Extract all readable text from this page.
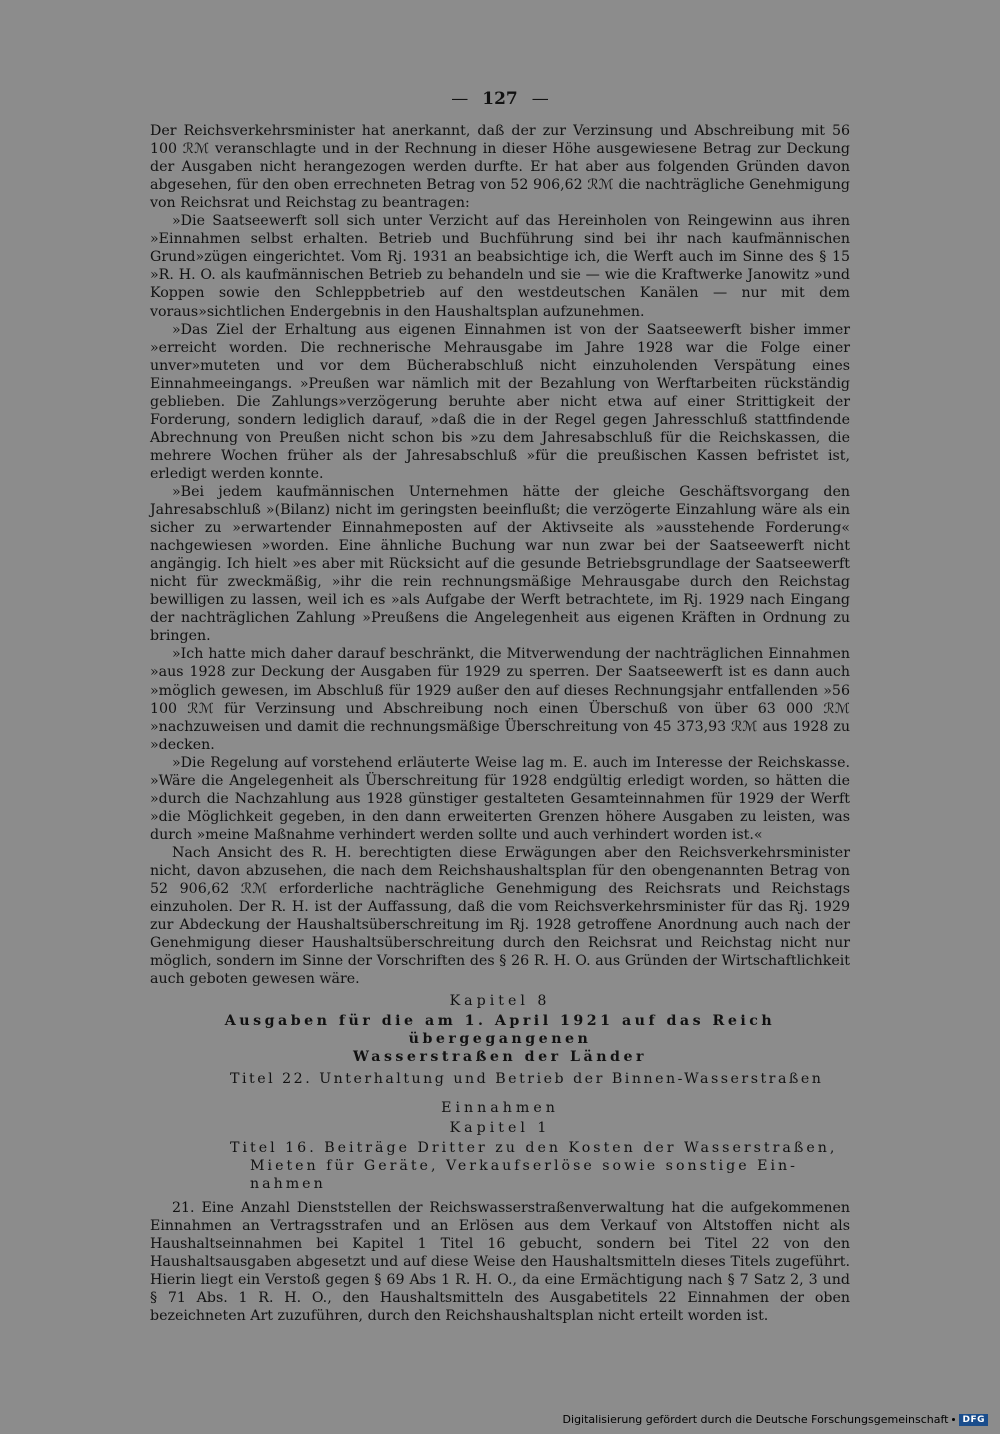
— 127 —

Der Reichsverkehrsminister hat anerkannt, daß der zur Verzinsung und Abschreibung mit 56 100 ℛℳ veranschlagte und in der Rechnung in dieser Höhe ausgewiesene Betrag zur Deckung der Ausgaben nicht herangezogen werden durfte. Er hat aber aus folgenden Gründen davon abgesehen, für den oben errechneten Betrag von 52 906,62 ℛℳ die nachträgliche Genehmigung von Reichsrat und Reichstag zu beantragen:

»Die Saatseewerft soll sich unter Verzicht auf das Hereinholen von Reingewinn aus ihren »Einnahmen selbst erhalten. Betrieb und Buchführung sind bei ihr nach kaufmännischen Grund»zügen eingerichtet. Vom Rj. 1931 an beabsichtige ich, die Werft auch im Sinne des § 15 »R. H. O. als kaufmännischen Betrieb zu behandeln und sie — wie die Kraftwerke Janowitz »und Koppen sowie den Schleppbetrieb auf den westdeutschen Kanälen — nur mit dem voraus»sichtlichen Endergebnis in den Haushaltsplan aufzunehmen.

»Das Ziel der Erhaltung aus eigenen Einnahmen ist von der Saatseewerft bisher immer »erreicht worden. Die rechnerische Mehrausgabe im Jahre 1928 war die Folge einer unver»muteten und vor dem Bücherabschluß nicht einzuholenden Verspätung eines Einnahmeeingangs. »Preußen war nämlich mit der Bezahlung von Werftarbeiten rückständig geblieben. Die Zahlungs»verzögerung beruhte aber nicht etwa auf einer Strittigkeit der Forderung, sondern lediglich darauf, »daß die in der Regel gegen Jahresschluß stattfindende Abrechnung von Preußen nicht schon bis »zu dem Jahresabschluß für die Reichskassen, die mehrere Wochen früher als der Jahresabschluß »für die preußischen Kassen befristet ist, erledigt werden konnte.

»Bei jedem kaufmännischen Unternehmen hätte der gleiche Geschäftsvorgang den Jahresabschluß »(Bilanz) nicht im geringsten beeinflußt; die verzögerte Einzahlung wäre als ein sicher zu »erwartender Einnahmeposten auf der Aktivseite als »ausstehende Forderung« nachgewiesen »worden. Eine ähnliche Buchung war nun zwar bei der Saatseewerft nicht angängig. Ich hielt »es aber mit Rücksicht auf die gesunde Betriebsgrundlage der Saatseewerft nicht für zweckmäßig, »ihr die rein rechnungsmäßige Mehrausgabe durch den Reichstag bewilligen zu lassen, weil ich es »als Aufgabe der Werft betrachtete, im Rj. 1929 nach Eingang der nachträglichen Zahlung »Preußens die Angelegenheit aus eigenen Kräften in Ordnung zu bringen.

»Ich hatte mich daher darauf beschränkt, die Mitverwendung der nachträglichen Einnahmen »aus 1928 zur Deckung der Ausgaben für 1929 zu sperren. Der Saatseewerft ist es dann auch »möglich gewesen, im Abschluß für 1929 außer den auf dieses Rechnungsjahr entfallenden »56 100 ℛℳ für Verzinsung und Abschreibung noch einen Überschuß von über 63 000 ℛℳ »nachzuweisen und damit die rechnungsmäßige Überschreitung von 45 373,93 ℛℳ aus 1928 zu »decken.

»Die Regelung auf vorstehend erläuterte Weise lag m. E. auch im Interesse der Reichskasse. »Wäre die Angelegenheit als Überschreitung für 1928 endgültig erledigt worden, so hätten die »durch die Nachzahlung aus 1928 günstiger gestalteten Gesamteinnahmen für 1929 der Werft »die Möglichkeit gegeben, in den dann erweiterten Grenzen höhere Ausgaben zu leisten, was durch »meine Maßnahme verhindert werden sollte und auch verhindert worden ist.«

Nach Ansicht des R. H. berechtigten diese Erwägungen aber den Reichsverkehrsminister nicht, davon abzusehen, die nach dem Reichshaushaltsplan für den obengenannten Betrag von 52 906,62 ℛℳ erforderliche nachträgliche Genehmigung des Reichsrats und Reichstags einzuholen. Der R. H. ist der Auffassung, daß die vom Reichsverkehrsminister für das Rj. 1929 zur Abdeckung der Haushaltsüberschreitung im Rj. 1928 getroffene Anordnung auch nach der Genehmigung dieser Haushaltsüberschreitung durch den Reichsrat und Reichstag nicht nur möglich, sondern im Sinne der Vorschriften des § 26 R. H. O. aus Gründen der Wirtschaftlichkeit auch geboten gewesen wäre.

Kapitel 8
Ausgaben für die am 1. April 1921 auf das Reich übergegangenen
Wasserstraßen der Länder
Titel 22. Unterhaltung und Betrieb der Binnen-Wasserstraßen
Einnahmen
Kapitel 1
Titel 16. Beiträge Dritter zu den Kosten der Wasserstraßen,
Mieten für Geräte, Verkaufserlöse sowie sonstige Ein-
nahmen

21. Eine Anzahl Dienststellen der Reichswasserstraßenverwaltung hat die aufgekommenen Einnahmen an Vertragsstrafen und an Erlösen aus dem Verkauf von Altstoffen nicht als Haushaltseinnahmen bei Kapitel 1 Titel 16 gebucht, sondern bei Titel 22 von den Haushaltsausgaben abgesetzt und auf diese Weise den Haushaltsmitteln dieses Titels zugeführt. Hierin liegt ein Verstoß gegen § 69 Abs 1 R. H. O., da eine Ermächtigung nach § 7 Satz 2, 3 und § 71 Abs. 1 R. H. O., den Haushaltsmitteln des Ausgabetitels 22 Einnahmen der oben bezeichneten Art zuzuführen, durch den Reichshaushaltsplan nicht erteilt worden ist.

Digitalisierung gefördert durch die Deutsche Forschungsgemeinschaft	DFG
